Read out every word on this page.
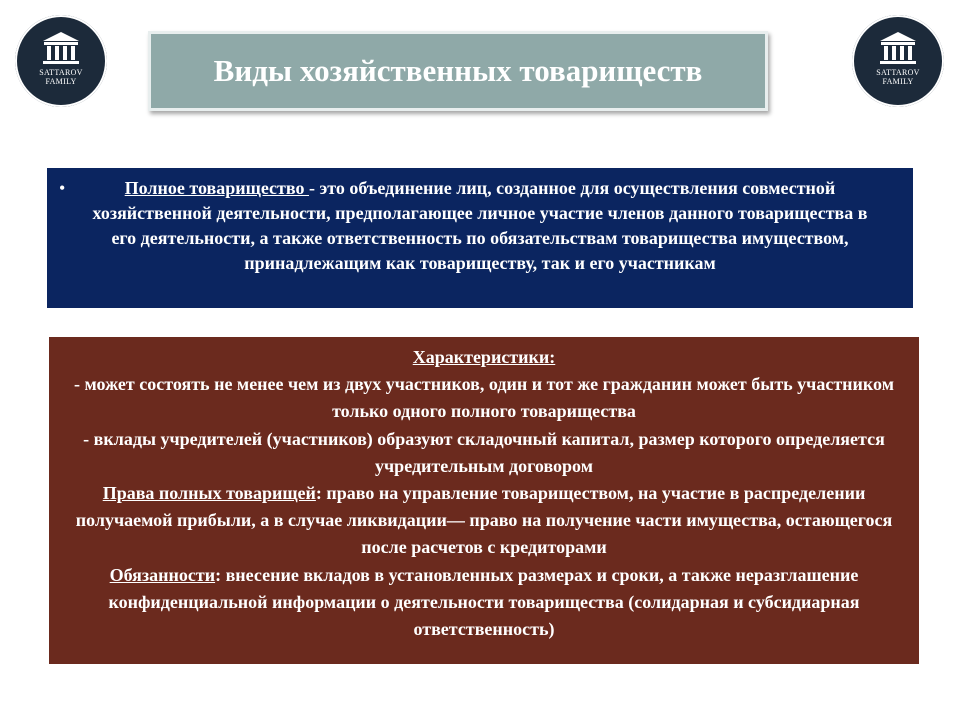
SATTAROV
FAMILY
SATTAROV
FAMILY
Виды хозяйственных товариществ
•	Полное товарищество - это объединение лиц, созданное для осуществления совместной хозяйственной деятельности, предполагающее личное участие членов данного товарищества в его деятельности, а также ответственность по обязательствам товарищества имуществом, принадлежащим как товариществу, так и его участникам

Характеристики:

- может состоять не менее чем из двух участников, один и тот же гражданин может быть участником только одного полного товарищества

- вклады учредителей (участников) образуют складочный капитал, размер которого определяется учредительным договором

Права полных товарищей: право на управление товариществом, на участие в распределении получаемой прибыли, а в случае ликвидации— право на получение части имущества, остающегося после расчетов с кредиторами

Обязанности: внесение вкладов в установленных размерах и сроки, а также неразглашение конфиденциальной информации о деятельности товарищества (солидарная и субсидиарная ответственность)
